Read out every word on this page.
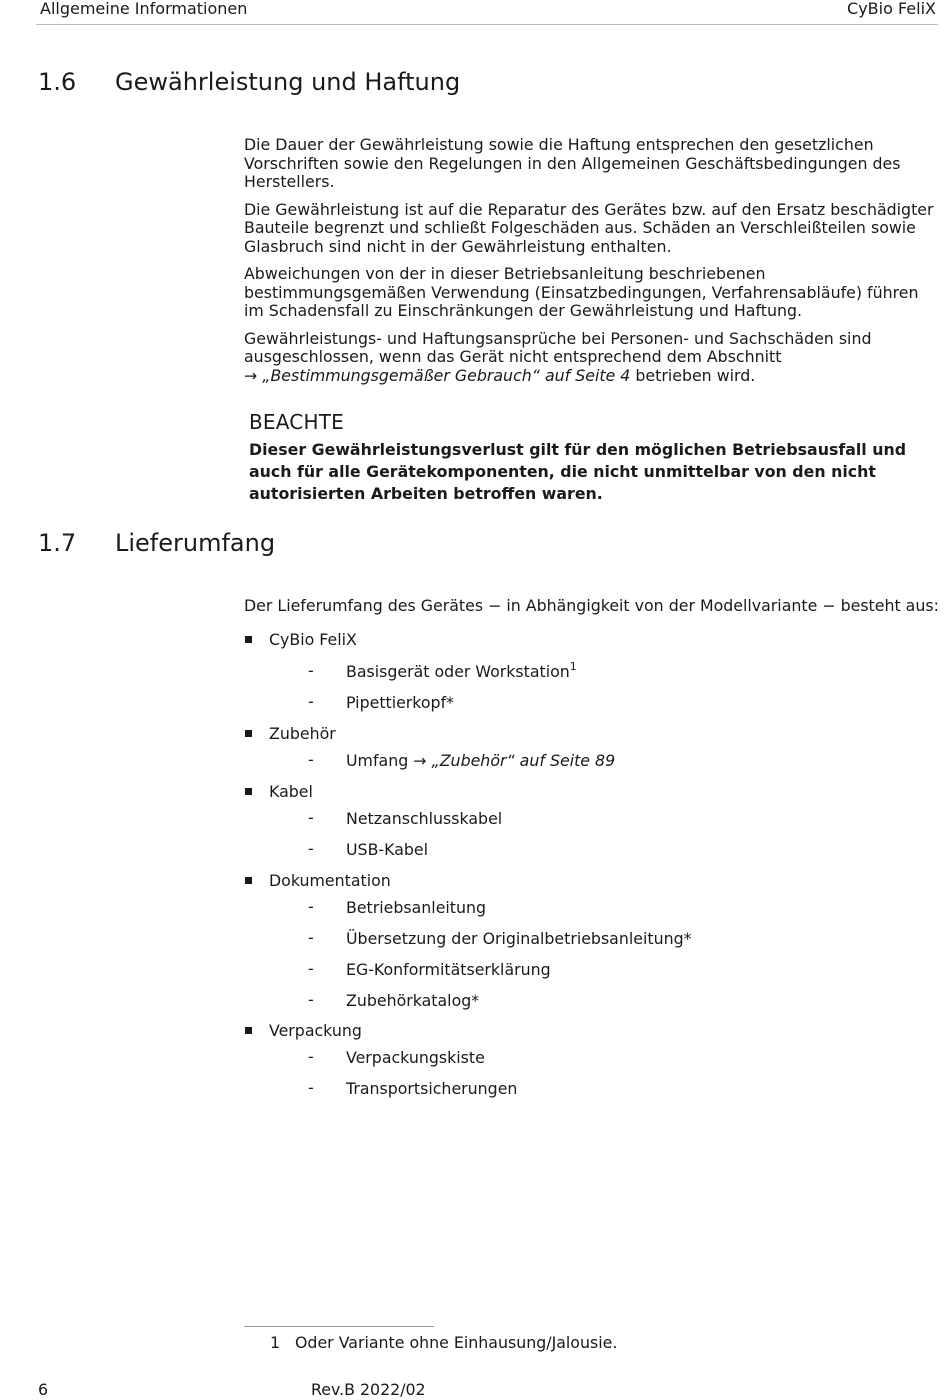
Allgemeine Informationen	CyBio FeliX
1.6 Gewährleistung und Haftung

Die Dauer der Gewährleistung sowie die Haftung entsprechen den gesetzlichen Vorschriften sowie den Regelungen in den Allgemeinen Geschäftsbedingungen des Herstellers.

Die Gewährleistung ist auf die Reparatur des Gerätes bzw. auf den Ersatz beschädigter Bauteile begrenzt und schließt Folgeschäden aus. Schäden an Verschleißteilen sowie Glasbruch sind nicht in der Gewährleistung enthalten.

Abweichungen von der in dieser Betriebsanleitung beschriebenen bestimmungsgemäßen Verwendung (Einsatzbedingungen, Verfahrensabläufe) führen im Schadensfall zu Einschränkungen der Gewährleistung und Haftung.

Gewährleistungs- und Haftungsansprüche bei Personen- und Sachschäden sind ausgeschlossen, wenn das Gerät nicht entsprechend dem Abschnitt
→ „Bestimmungsgemäßer Gebrauch“ auf Seite 4 betrieben wird.

BEACHTE
Dieser Gewährleistungsverlust gilt für den möglichen Betriebsausfall und auch für alle Gerätekomponenten, die nicht unmittelbar von den nicht autorisierten Arbeiten betroffen waren.
1.7 Lieferumfang
Der Lieferumfang des Gerätes − in Abhängigkeit von der Modellvariante − besteht aus:
CyBio FeliX
- Basisgerät oder Workstation$^1$
- Pipettierkopf*
Zubehör
- Umfang → „Zubehör“ auf Seite 89
Kabel
- Netzanschlusskabel
- USB-Kabel
Dokumentation
- Betriebsanleitung
- Übersetzung der Originalbetriebsanleitung*
- EG-Konformitätserklärung
- Zubehörkatalog*
Verpackung
- Verpackungskiste
- Transportsicherungen
1 Oder Variante ohne Einhausung/Jalousie.
6	Rev.B 2022/02
